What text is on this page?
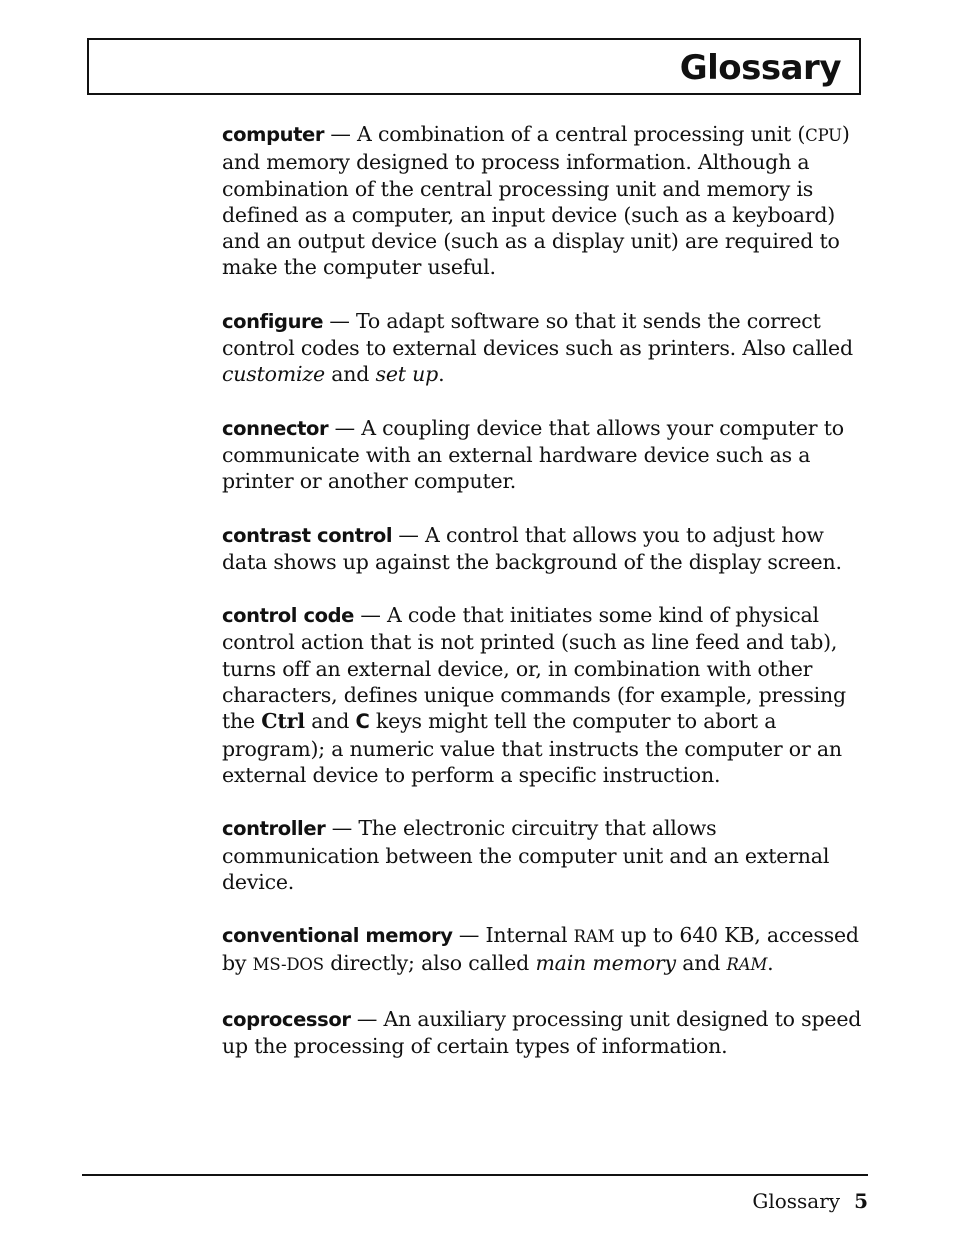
Glossary

computer — A combination of a central processing unit (CPU) and memory designed to process information. Although a combination of the central processing unit and memory is defined as a computer, an input device (such as a keyboard) and an output device (such as a display unit) are required to make the computer useful.

configure — To adapt software so that it sends the correct control codes to external devices such as printers. Also called customize and set up.

connector — A coupling device that allows your computer to communicate with an external hardware device such as a printer or another computer.

contrast control — A control that allows you to adjust how data shows up against the background of the display screen.

control code — A code that initiates some kind of physical control action that is not printed (such as line feed and tab), turns off an external device, or, in combination with other characters, defines unique commands (for example, pressing the Ctrl and C keys might tell the computer to abort a program); a numeric value that instructs the computer or an external device to perform a specific instruction.

controller — The electronic circuitry that allows communication between the computer unit and an external device.

conventional memory — Internal RAM up to 640 KB, accessed by MS-DOS directly; also called main memory and RAM.

coprocessor — An auxiliary processing unit designed to speed up the processing of certain types of information.

Glossary 5
